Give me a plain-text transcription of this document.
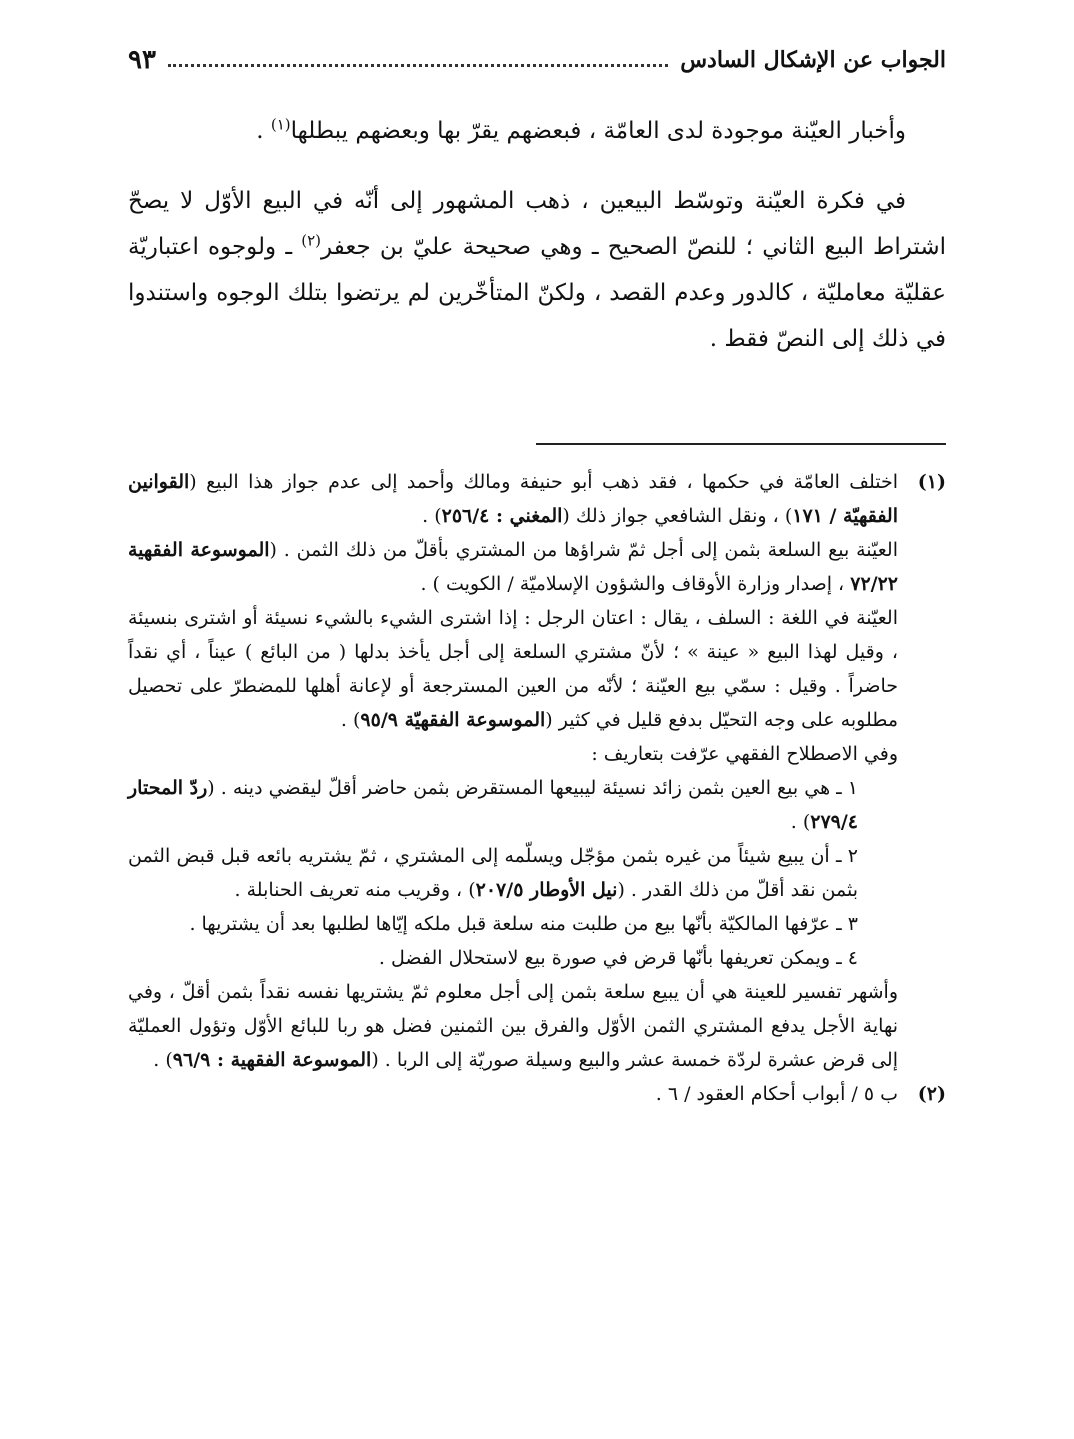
الجواب عن الإشكال السادس
٩٣

وأخبار العيّنة موجودة لدى العامّة ، فبعضهم يقرّ بها وبعضهم يبطلها$^{(١)}$ .

في فكرة العيّنة وتوسّط البيعين ، ذهب المشهور إلى أنّه في البيع الأوّل لا يصحّ اشتراط البيع الثاني ؛ للنصّ الصحيح ـ وهي صحيحة عليّ بن جعفر$^{(٢)}$ ـ ولوجوه اعتباريّة عقليّة معامليّة ، كالدور وعدم القصد ، ولكنّ المتأخّرين لم يرتضوا بتلك الوجوه واستندوا في ذلك إلى النصّ فقط .

(١)

اختلف العامّة في حكمها ، فقد ذهب أبو حنيفة ومالك وأحمد إلى عدم جواز هذا البيع (القوانين الفقهيّة / ١٧١) ، ونقل الشافعي جواز ذلك (المغني : ٢٥٦/٤) .

العيّنة بيع السلعة بثمن إلى أجل ثمّ شراؤها من المشتري بأقلّ من ذلك الثمن . (الموسوعة الفقهية ٧٢/٢٢ ، إصدار وزارة الأوقاف والشؤون الإسلاميّة / الكويت ) .

العيّنة في اللغة : السلف ، يقال : اعتان الرجل : إذا اشترى الشيء بالشيء نسيئة أو اشترى بنسيئة ، وقيل لهذا البيع « عينة » ؛ لأنّ مشتري السلعة إلى أجل يأخذ بدلها ( من البائع ) عيناً ، أي نقداً حاضراً . وقيل : سمّي بيع العيّنة ؛ لأنّه من العين المسترجعة أو لإعانة أهلها للمضطرّ على تحصيل مطلوبه على وجه التحيّل بدفع قليل في كثير (الموسوعة الفقهيّة ٩٥/٩) .

وفي الاصطلاح الفقهي عرّفت بتعاريف :

١ ـ هي بيع العين بثمن زائد نسيئة ليبيعها المستقرض بثمن حاضر أقلّ ليقضي دينه . (ردّ المحتار ٢٧٩/٤) .

٢ ـ أن يبيع شيئاً من غيره بثمن مؤجّل ويسلّمه إلى المشتري ، ثمّ يشتريه بائعه قبل قبض الثمن بثمن نقد أقلّ من ذلك القدر . (نيل الأوطار ٢٠٧/٥) ، وقريب منه تعريف الحنابلة .

٣ ـ عرّفها المالكيّة بأنّها بيع من طلبت منه سلعة قبل ملكه إيّاها لطلبها بعد أن يشتريها .

٤ ـ ويمكن تعريفها بأنّها قرض في صورة بيع لاستحلال الفضل .

وأشهر تفسير للعينة هي أن يبيع سلعة بثمن إلى أجل معلوم ثمّ يشتريها نفسه نقداً بثمن أقلّ ، وفي نهاية الأجل يدفع المشتري الثمن الأوّل والفرق بين الثمنين فضل هو ربا للبائع الأوّل وتؤول العمليّة إلى قرض عشرة لردّة خمسة عشر والبيع وسيلة صوريّة إلى الربا . (الموسوعة الفقهية : ٩٦/٩) .

(٢)

ب ٥ / أبواب أحكام العقود / ٦ .
